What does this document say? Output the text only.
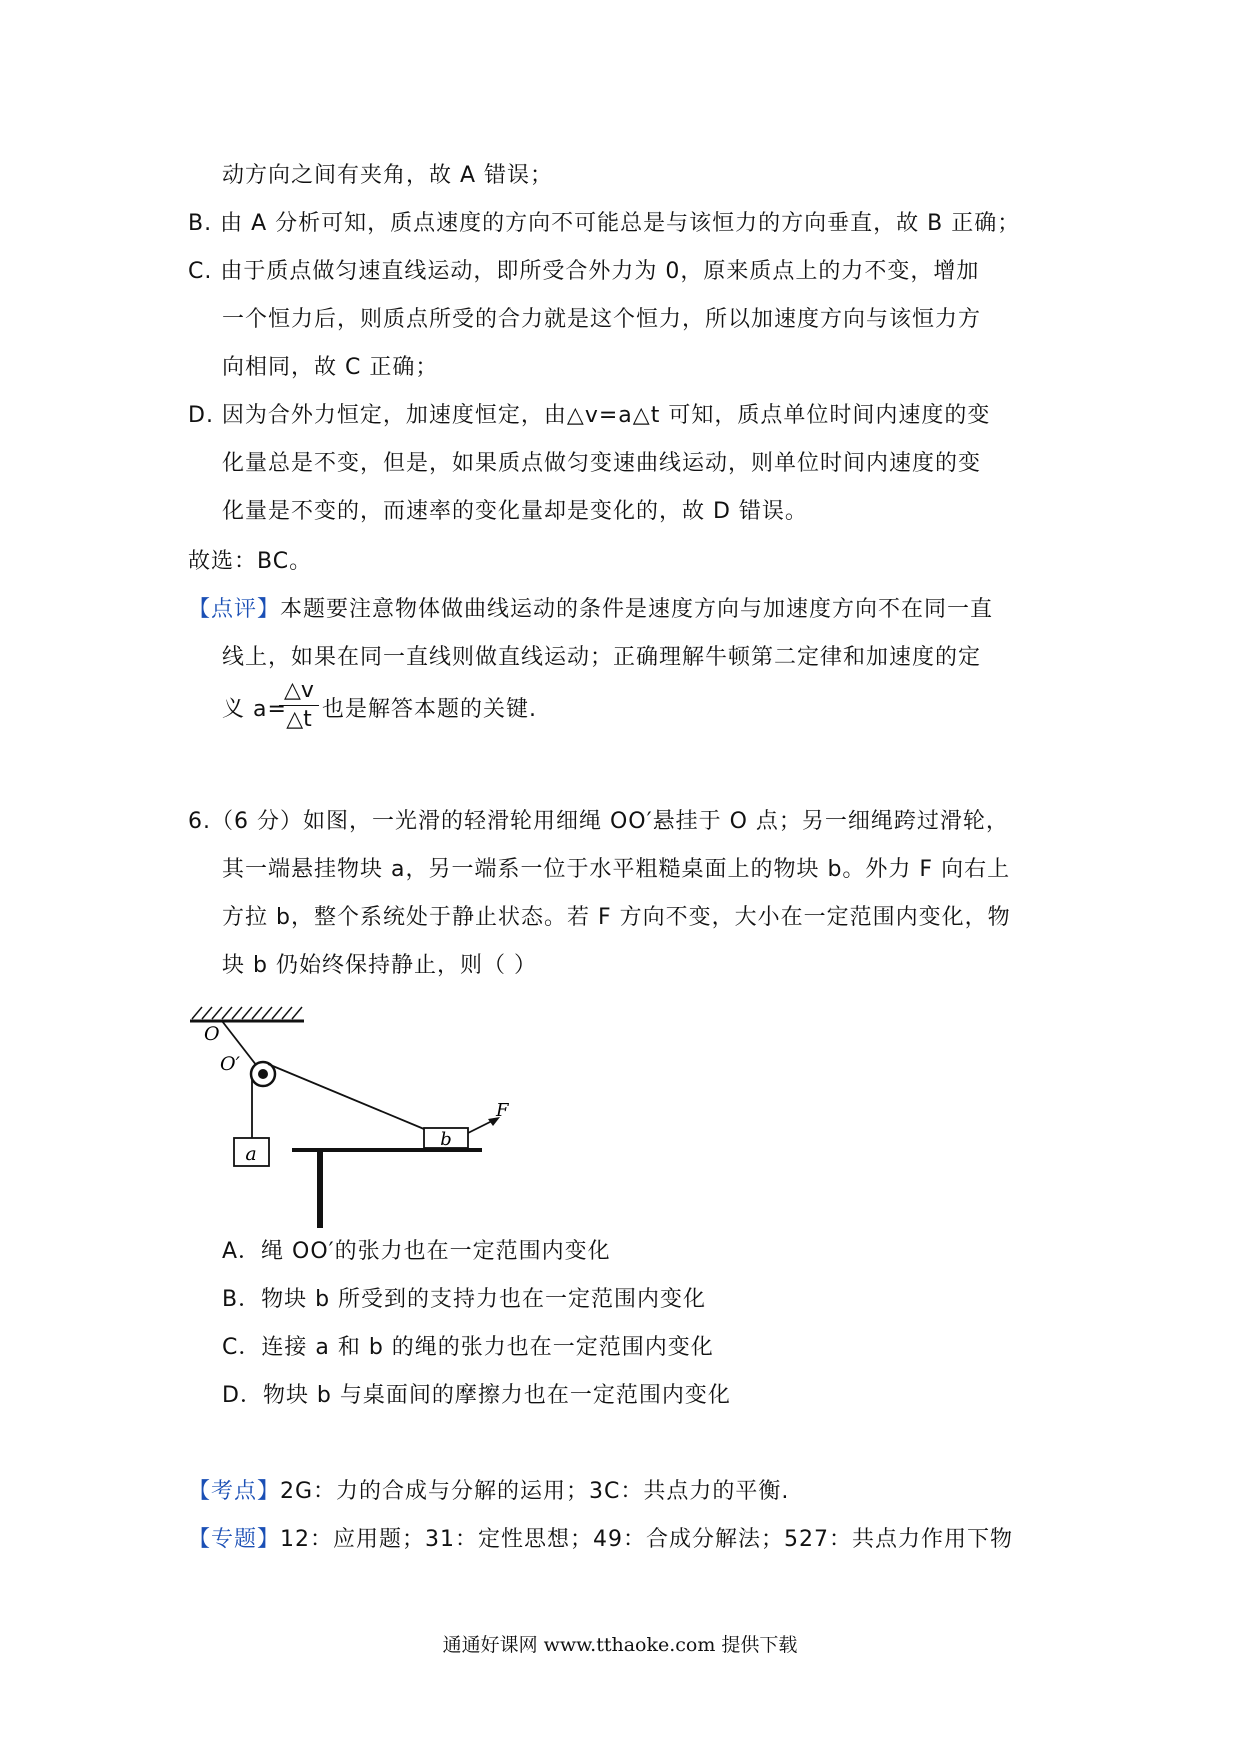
动方向之间有夹角，故 A 错误；
B. 由 A 分析可知，质点速度的方向不可能总是与该恒力的方向垂直，故 B 正确；
C. 由于质点做匀速直线运动，即所受合外力为 0，原来质点上的力不变，增加
一个恒力后，则质点所受的合力就是这个恒力，所以加速度方向与该恒力方
向相同，故 C 正确；
D. 因为合外力恒定，加速度恒定，由△v=a△t 可知，质点单位时间内速度的变
化量总是不变，但是，如果质点做匀变速曲线运动，则单位时间内速度的变
化量是不变的，而速率的变化量却是变化的，故 D 错误。
故选：BC。
【点评】本题要注意物体做曲线运动的条件是速度方向与加速度方向不在同一直
线上，如果在同一直线则做直线运动；正确理解牛顿第二定律和加速度的定
义 a=
△v
△t 也是解答本题的关键.
6.（6 分）如图，一光滑的轻滑轮用细绳 OO′悬挂于 O 点；另一细绳跨过滑轮，
其一端悬挂物块 a，另一端系一位于水平粗糙桌面上的物块 b。外力 F 向右上
方拉 b，整个系统处于静止状态。若 F 方向不变，大小在一定范围内变化，物
块 b 仍始终保持静止，则（ ）
O
O′
a
b
F
A．绳 OO′的张力也在一定范围内变化
B．物块 b 所受到的支持力也在一定范围内变化
C．连接 a 和 b 的绳的张力也在一定范围内变化
D．物块 b 与桌面间的摩擦力也在一定范围内变化
【考点】2G：力的合成与分解的运用；3C：共点力的平衡.
【专题】12：应用题；31：定性思想；49：合成分解法；527：共点力作用下物
通通好课网 www.tthaoke.com 提供下载
